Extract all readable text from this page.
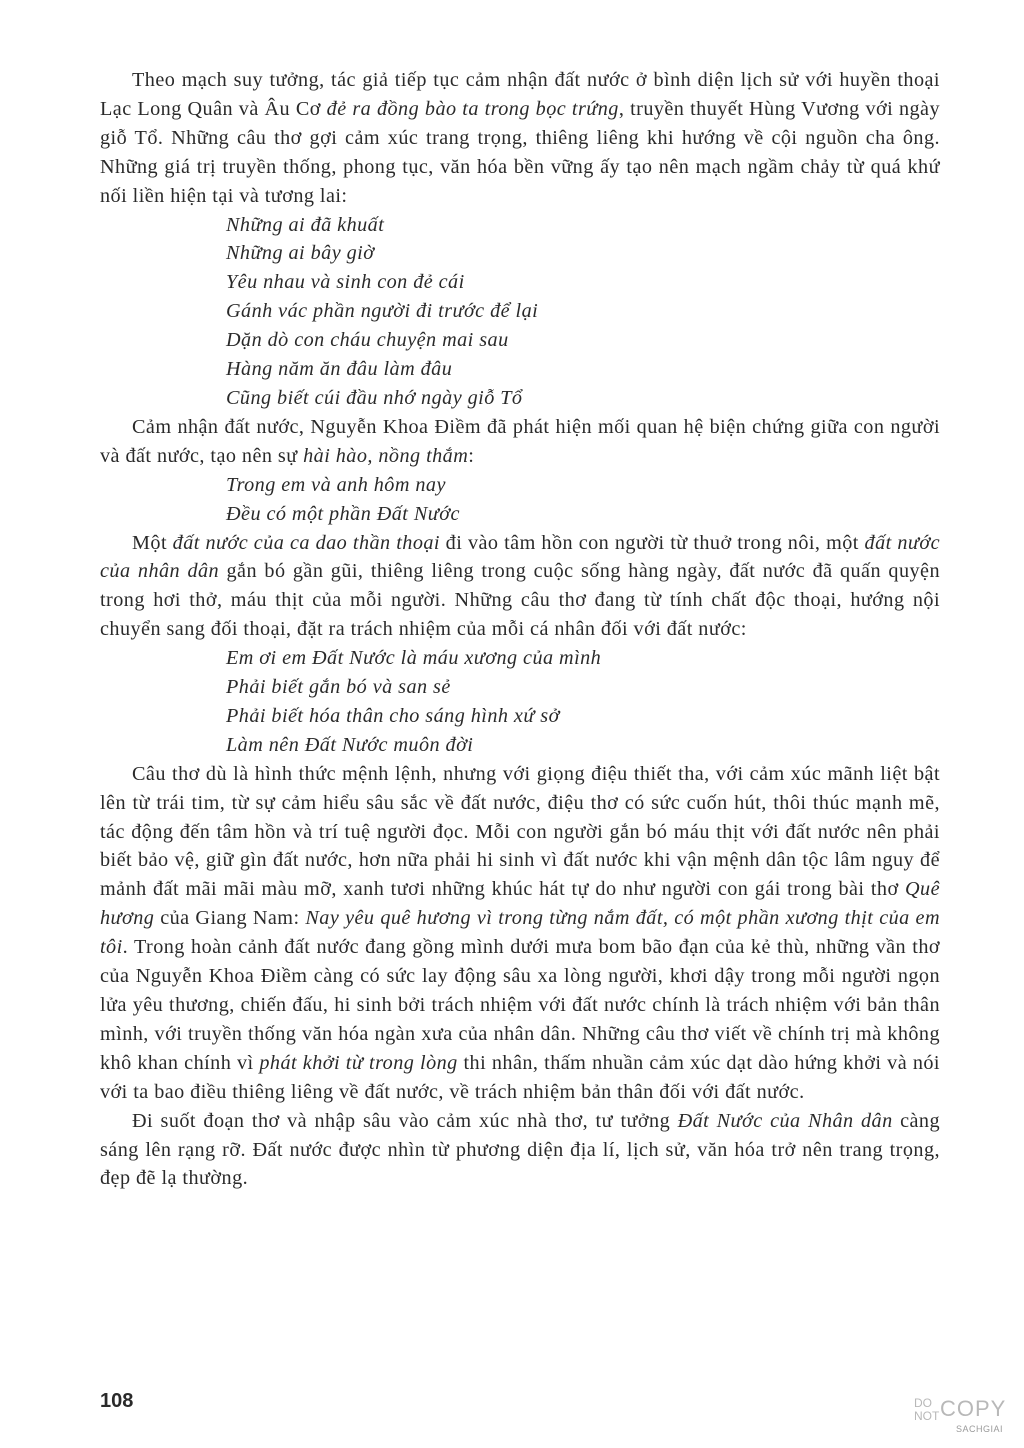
Theo mạch suy tưởng, tác giả tiếp tục cảm nhận đất nước ở bình diện lịch sử với huyền thoại Lạc Long Quân và Âu Cơ đẻ ra đồng bào ta trong bọc trứng, truyền thuyết Hùng Vương với ngày giỗ Tổ. Những câu thơ gợi cảm xúc trang trọng, thiêng liêng khi hướng về cội nguồn cha ông. Những giá trị truyền thống, phong tục, văn hóa bền vững ấy tạo nên mạch ngầm chảy từ quá khứ nối liền hiện tại và tương lai:

Những ai đã khuất
Những ai bây giờ
Yêu nhau và sinh con đẻ cái
Gánh vác phần người đi trước để lại
Dặn dò con cháu chuyện mai sau
Hàng năm ăn đâu làm đâu
Cũng biết cúi đầu nhớ ngày giỗ Tổ

Cảm nhận đất nước, Nguyễn Khoa Điềm đã phát hiện mối quan hệ biện chứng giữa con người và đất nước, tạo nên sự hài hào, nồng thắm:

Trong em và anh hôm nay
Đều có một phần Đất Nước

Một đất nước của ca dao thần thoại đi vào tâm hồn con người từ thuở trong nôi, một đất nước của nhân dân gắn bó gần gũi, thiêng liêng trong cuộc sống hàng ngày, đất nước đã quấn quyện trong hơi thở, máu thịt của mỗi người. Những câu thơ đang từ tính chất độc thoại, hướng nội chuyển sang đối thoại, đặt ra trách nhiệm của mỗi cá nhân đối với đất nước:

Em ơi em Đất Nước là máu xương của mình
Phải biết gắn bó và san sẻ
Phải biết hóa thân cho sáng hình xứ sở
Làm nên Đất Nước muôn đời

Câu thơ dù là hình thức mệnh lệnh, nhưng với giọng điệu thiết tha, với cảm xúc mãnh liệt bật lên từ trái tim, từ sự cảm hiểu sâu sắc về đất nước, điệu thơ có sức cuốn hút, thôi thúc mạnh mẽ, tác động đến tâm hồn và trí tuệ người đọc. Mỗi con người gắn bó máu thịt với đất nước nên phải biết bảo vệ, giữ gìn đất nước, hơn nữa phải hi sinh vì đất nước khi vận mệnh dân tộc lâm nguy để mảnh đất mãi mãi màu mỡ, xanh tươi những khúc hát tự do như người con gái trong bài thơ Quê hương của Giang Nam: Nay yêu quê hương vì trong từng nắm đất, có một phần xương thịt của em tôi. Trong hoàn cảnh đất nước đang gồng mình dưới mưa bom bão đạn của kẻ thù, những vần thơ của Nguyễn Khoa Điềm càng có sức lay động sâu xa lòng người, khơi dậy trong mỗi người ngọn lửa yêu thương, chiến đấu, hi sinh bởi trách nhiệm với đất nước chính là trách nhiệm với bản thân mình, với truyền thống văn hóa ngàn xưa của nhân dân. Những câu thơ viết về chính trị mà không khô khan chính vì phát khởi từ trong lòng thi nhân, thấm nhuần cảm xúc dạt dào hứng khởi và nói với ta bao điều thiêng liêng về đất nước, về trách nhiệm bản thân đối với đất nước.

Đi suốt đoạn thơ và nhập sâu vào cảm xúc nhà thơ, tư tưởng Đất Nước của Nhân dân càng sáng lên rạng rỡ. Đất nước được nhìn từ phương diện địa lí, lịch sử, văn hóa trở nên trang trọng, đẹp đẽ lạ thường.

108	DO
NOT COPY
SACHGIAI
